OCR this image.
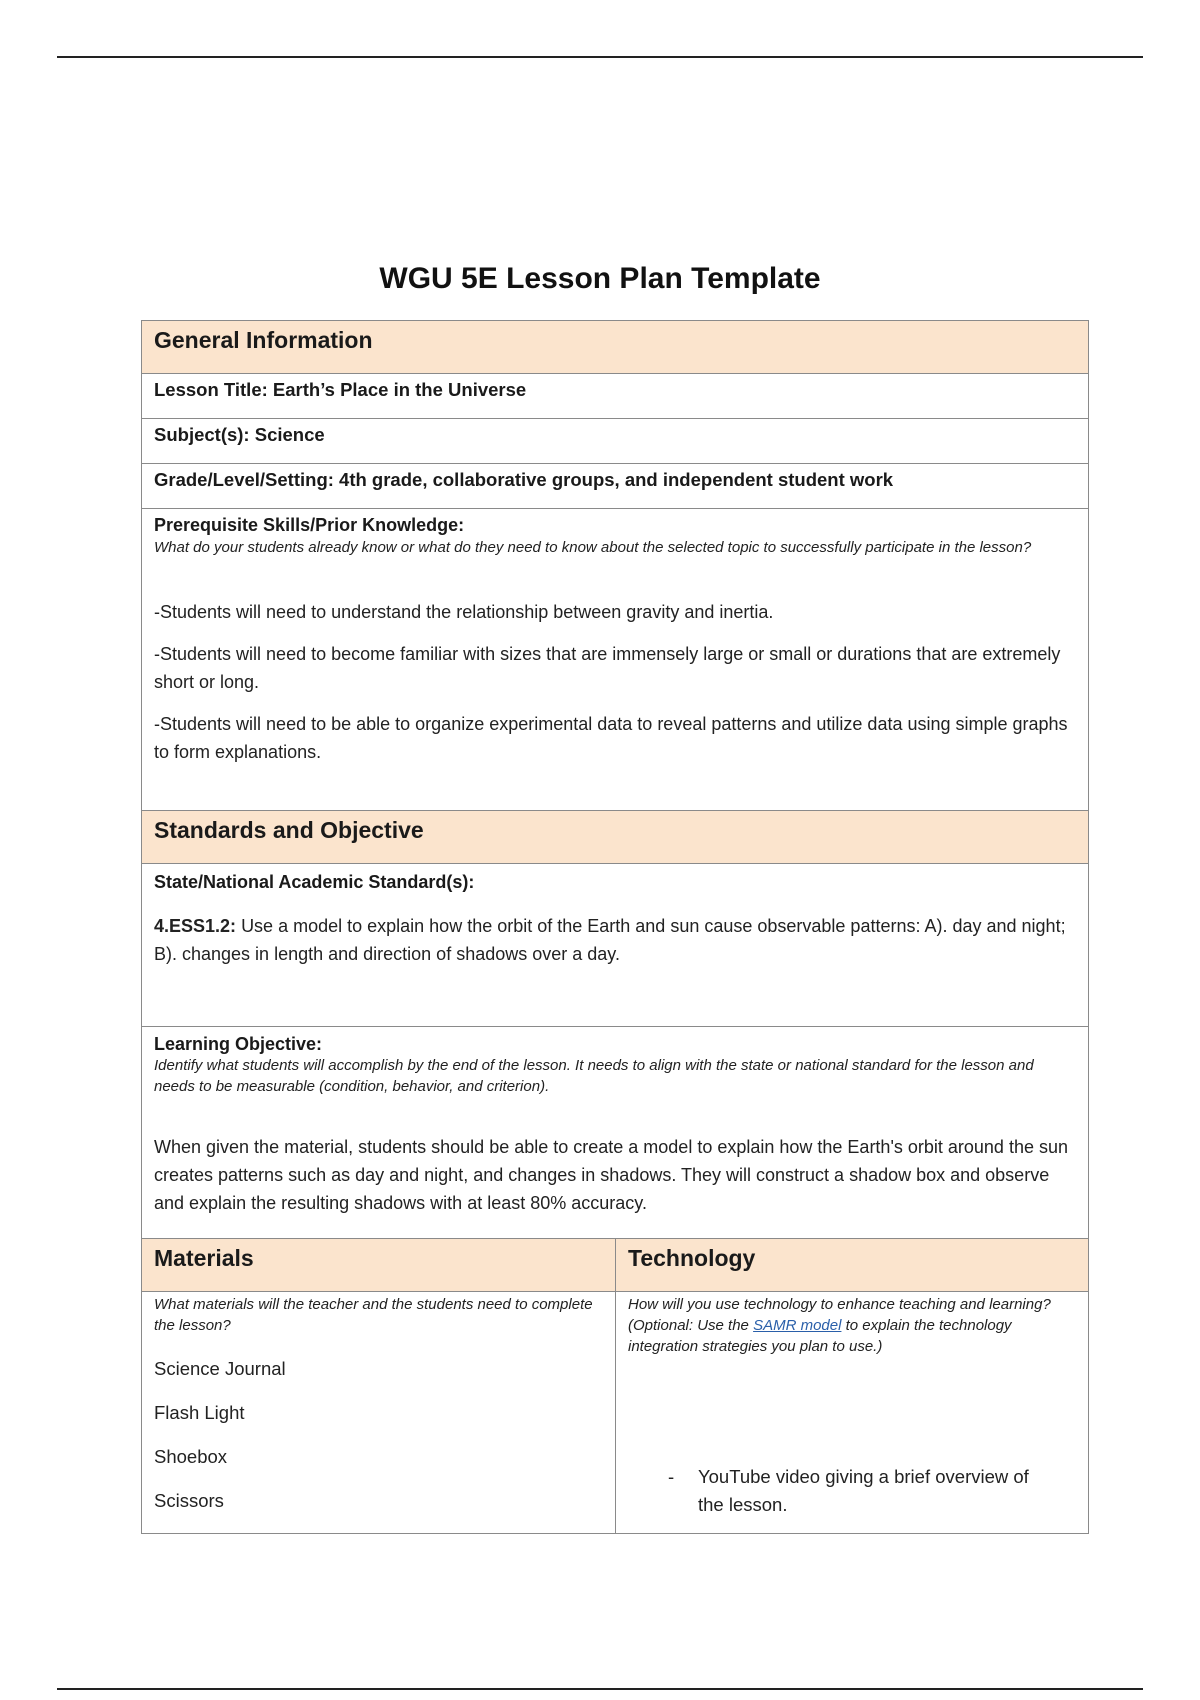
WGU 5E Lesson Plan Template
General Information
Lesson Title: Earth’s Place in the Universe
Subject(s): Science
Grade/Level/Setting: 4th grade, collaborative groups, and independent student work
Prerequisite Skills/Prior Knowledge:
What do your students already know or what do they need to know about the selected topic to successfully participate in the lesson?
-Students will need to understand the relationship between gravity and inertia.
-Students will need to become familiar with sizes that are immensely large or small or durations that are extremely short or long.
-Students will need to be able to organize experimental data to reveal patterns and utilize data using simple graphs to form explanations.
Standards and Objective
State/National Academic Standard(s):
4.ESS1.2: Use a model to explain how the orbit of the Earth and sun cause observable patterns: A). day and night; B). changes in length and direction of shadows over a day.
Learning Objective:
Identify what students will accomplish by the end of the lesson. It needs to align with the state or national standard for the lesson and needs to be measurable (condition, behavior, and criterion).
When given the material, students should be able to create a model to explain how the Earth's orbit around the sun creates patterns such as day and night, and changes in shadows. They will construct a shadow box and observe and explain the resulting shadows with at least 80% accuracy.
Materials
What materials will the teacher and the students need to complete the lesson?
Science Journal
Flash Light
Shoebox
Scissors
Technology
How will you use technology to enhance teaching and learning? (Optional: Use the SAMR model to explain the technology integration strategies you plan to use.)
- YouTube video giving a brief overview of the lesson.
